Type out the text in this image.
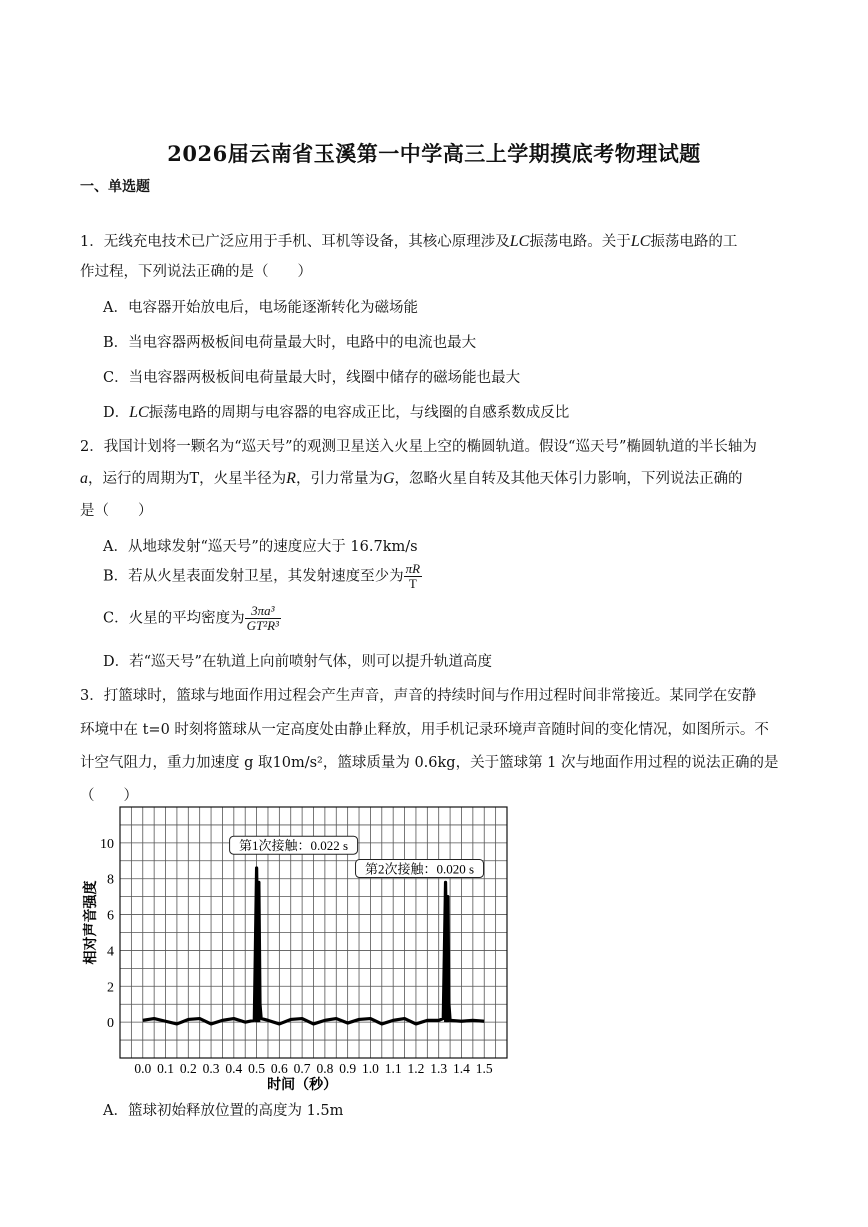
2026届云南省玉溪第一中学高三上学期摸底考物理试题
一、单选题
1．无线充电技术已广泛应用于手机、耳机等设备，其核心原理涉及LC振荡电路。关于LC振荡电路的工
作过程，下列说法正确的是（　　）
A．电容器开始放电后，电场能逐渐转化为磁场能
B．当电容器两极板间电荷量最大时，电路中的电流也最大
C．当电容器两极板间电荷量最大时，线圈中储存的磁场能也最大
D．LC振荡电路的周期与电容器的电容成正比，与线圈的自感系数成反比
2．我国计划将一颗名为“巡天号”的观测卫星送入火星上空的椭圆轨道。假设“巡天号”椭圆轨道的半长轴为
a，运行的周期为T，火星半径为R，引力常量为G，忽略火星自转及其他天体引力影响，下列说法正确的
是（　　）
A．从地球发射“巡天号”的速度应大于 16.7km/s
B．若从火星表面发射卫星，其发射速度至少为 $\frac{\pi R}{T}$
C．火星的平均密度为 $\frac{\text{3πa³}}{\text{GT²R³}}$
D．若“巡天号”在轨道上向前喷射气体，则可以提升轨道高度
3．打篮球时，篮球与地面作用过程会产生声音，声音的持续时间与作用过程时间非常接近。某同学在安静
环境中在 t=0 时刻将篮球从一定高度处由静止释放，用手机记录环境声音随时间的变化情况，如图所示。不
计空气阻力，重力加速度 g 取10m/s²，篮球质量为 0.6kg，关于篮球第 1 次与地面作用过程的说法正确的是
（　　）
0
2
4
6
8
10
0.0 0.1 0.2 0.3 0.4 0.5 0.6 0.7 0.8 0.9 1.0 1.1 1.2 1.3 1.4 1.5
时间（秒）
相对声音强度
第1次接触：0.022 s
第2次接触：0.020 s
A．篮球初始释放位置的高度为 1.5m
